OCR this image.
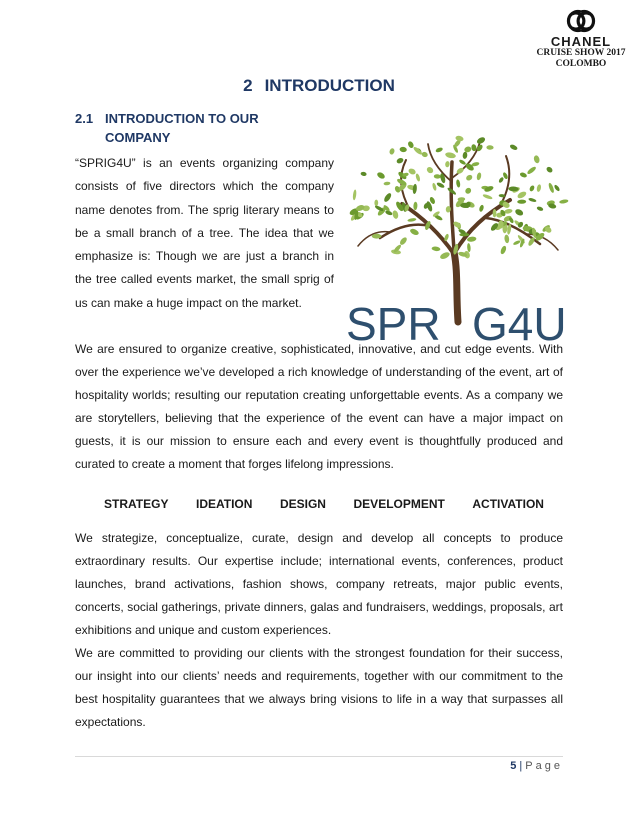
CHANEL
CRUISE SHOW 2017
COLOMBO
2 INTRODUCTION
2.1 INTRODUCTION TO OUR COMPANY
“SPRIG4U” is an events organizing company consists of five directors which the company name denotes from. The sprig literary means to be a small branch of a tree. The idea that we emphasize is: Though we are just a branch in the tree called events market, the small sprig of us can make a huge impact on the market. SPR G4U
We are ensured to organize creative, sophisticated, innovative, and cut edge events. With over the experience we’ve developed a rich knowledge of understanding of the event, art of hospitality worlds; resulting our reputation creating unforgettable events. As a company we are storytellers, believing that the experience of the event can have a major impact on guests, it is our mission to ensure each and every event is thoughtfully produced and curated to create a moment that forges lifelong impressions.
STRATEGY IDEATION DESIGN DEVELOPMENT ACTIVATION
We strategize, conceptualize, curate, design and develop all concepts to produce extraordinary results. Our expertise include; international events, conferences, product launches, brand activations, fashion shows, company retreats, major public events, concerts, social gatherings, private dinners, galas and fundraisers, weddings, proposals, art exhibitions and unique and custom experiences.
We are committed to providing our clients with the strongest foundation for their success, our insight into our clients’ needs and requirements, together with our commitment to the best hospitality guarantees that we always bring visions to life in a way that surpasses all expectations.
5 | Page
